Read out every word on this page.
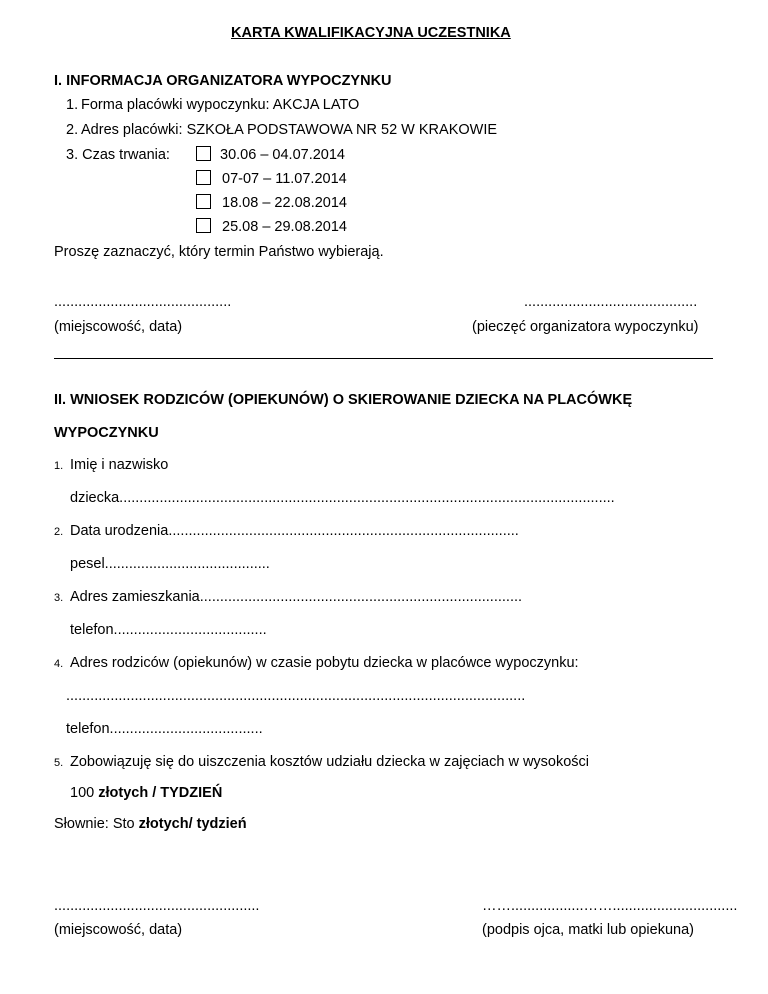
KARTA KWALIFIKACYJNA UCZESTNIKA
I. INFORMACJA ORGANIZATORA WYPOCZYNKU
1. Forma placówki wypoczynku: AKCJA LATO
2. Adres placówki: SZKOŁA PODSTAWOWA NR 52 W KRAKOWIE
3. Czas trwania:	30.06 – 04.07.2014
07-07 – 11.07.2014
18.08 – 22.08.2014
25.08 – 29.08.2014
Proszę zaznaczyć, który termin Państwo wybierają.
............................................	...........................................
(miejscowość, data)	(pieczęć organizatora wypoczynku)
II. WNIOSEK RODZICÓW (OPIEKUNÓW) O SKIEROWANIE DZIECKA NA PLACÓWKĘ
WYPOCZYNKU
1. Imię i nazwisko
dziecka...........................................................................................................................
2. Data urodzenia.......................................................................................
pesel.........................................
3. Adres zamieszkania................................................................................
telefon......................................
4. Adres rodziców (opiekunów) w czasie pobytu dziecka w placówce wypoczynku:
..................................................................................................................
telefon......................................
5. Zobowiązuję się do uiszczenia kosztów udziału dziecka w zajęciach w wysokości
100 złotych / TYDZIEŃ
Słownie: Sto złotych/ tydzień
...................................................	……..................……...............................
(miejscowość, data)	(podpis ojca, matki lub opiekuna)
